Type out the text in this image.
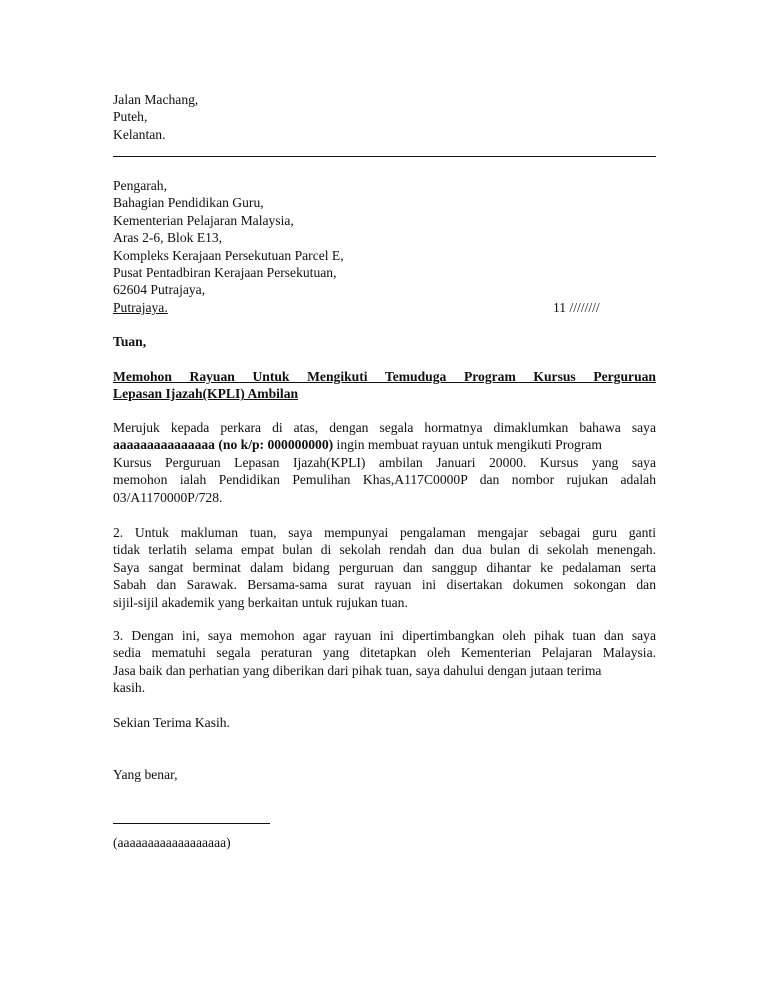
Jalan Machang,
Puteh,
Kelantan.
Pengarah,
Bahagian Pendidikan Guru,
Kementerian Pelajaran Malaysia,
Aras 2-6, Blok E13,
Kompleks Kerajaan Persekutuan Parcel E,
Pusat Pentadbiran Kerajaan Persekutuan,
62604 Putrajaya,
Putrajaya.	11 ////////
Tuan,
Memohon Rayuan Untuk Mengikuti Temuduga Program Kursus Perguruan
Lepasan Ijazah(KPLI) Ambilan
Merujuk kepada perkara di atas, dengan segala hormatnya dimaklumkan bahawa saya
aaaaaaaaaaaaaaa (no k/p: 000000000) ingin membuat rayuan untuk mengikuti Program
Kursus Perguruan Lepasan Ijazah(KPLI) ambilan Januari 20000. Kursus yang saya
memohon ialah Pendidikan Pemulihan Khas,A117C0000P dan nombor rujukan adalah
03/A1170000P/728.
2. Untuk makluman tuan, saya mempunyai pengalaman mengajar sebagai guru ganti
tidak terlatih selama empat bulan di sekolah rendah dan dua bulan di sekolah menengah.
Saya sangat berminat dalam bidang perguruan dan sanggup dihantar ke pedalaman serta
Sabah dan Sarawak. Bersama-sama surat rayuan ini disertakan dokumen sokongan dan
sijil-sijil akademik yang berkaitan untuk rujukan tuan.
3. Dengan ini, saya memohon agar rayuan ini dipertimbangkan oleh pihak tuan dan saya
sedia mematuhi segala peraturan yang ditetapkan oleh Kementerian Pelajaran Malaysia.
Jasa baik dan perhatian yang diberikan dari pihak tuan, saya dahului dengan jutaan terima
kasih.
Sekian Terima Kasih.
Yang benar,
(aaaaaaaaaaaaaaaaaa)
